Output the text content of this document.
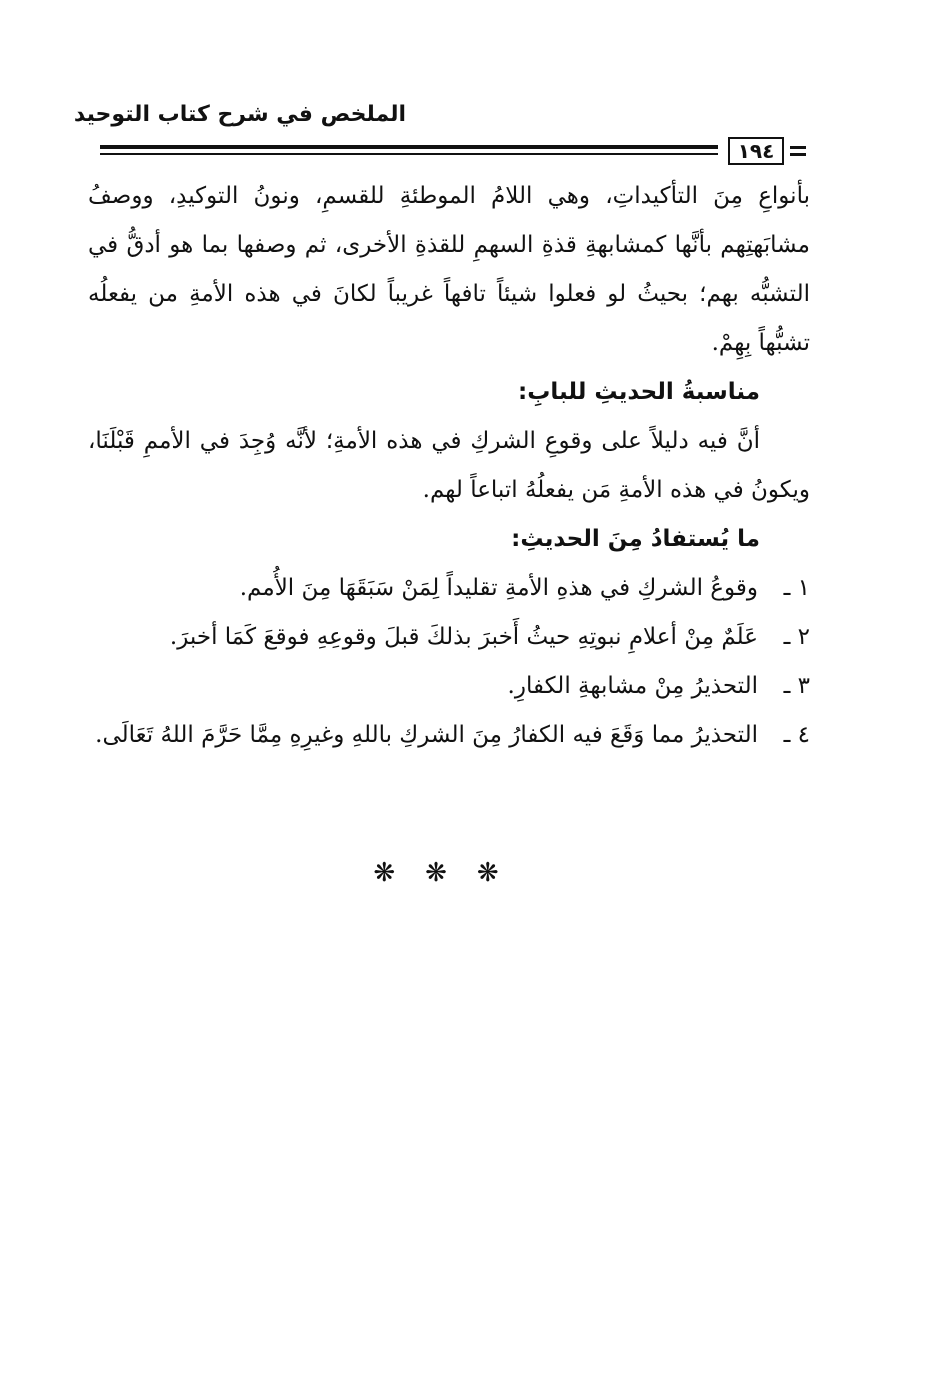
الملخص في شرح كتاب التوحيد
١٩٤

بأنواعِ مِنَ التأكيداتِ، وهي اللامُ الموطئةِ للقسمِ، ونونُ التوكيدِ، ووصفُ مشابَهتِهم بأنَّها كمشابهةِ قذةِ السهمِ للقذةِ الأخرى، ثم وصفها بما هو أدقُّ في التشبُّه بهم؛ بحيثُ لو فعلوا شيئاً تافهاً غريباً لكانَ في هذه الأمةِ من يفعلُه تشبُّهاً بِهِمْ.

مناسبةُ الحديثِ للبابِ:

أنَّ فيه دليلاً على وقوعِ الشركِ في هذه الأمةِ؛ لأنَّه وُجِدَ في الأممِ قَبْلَنَا، ويكونُ في هذه الأمةِ مَن يفعلُهُ اتباعاً لهم.

ما يُستفادُ مِنَ الحديثِ:

١ ـ
وقوعُ الشركِ في هذهِ الأمةِ تقليداً لِمَنْ سَبَقَهَا مِنَ الأُمم.
٢ ـ
عَلَمٌ مِنْ أعلامِ نبوتِهِ حيثُ أَخبرَ بذلكَ قبلَ وقوعِهِ فوقعَ كَمَا أخبرَ.
٣ ـ
التحذيرُ مِنْ مشابهةِ الكفارِ.
٤ ـ
التحذيرُ مما وَقَعَ فيه الكفارُ مِنَ الشركِ باللهِ وغيرِهِ مِمَّا حَرَّمَ اللهُ تَعَالَى.
❋❋❋
